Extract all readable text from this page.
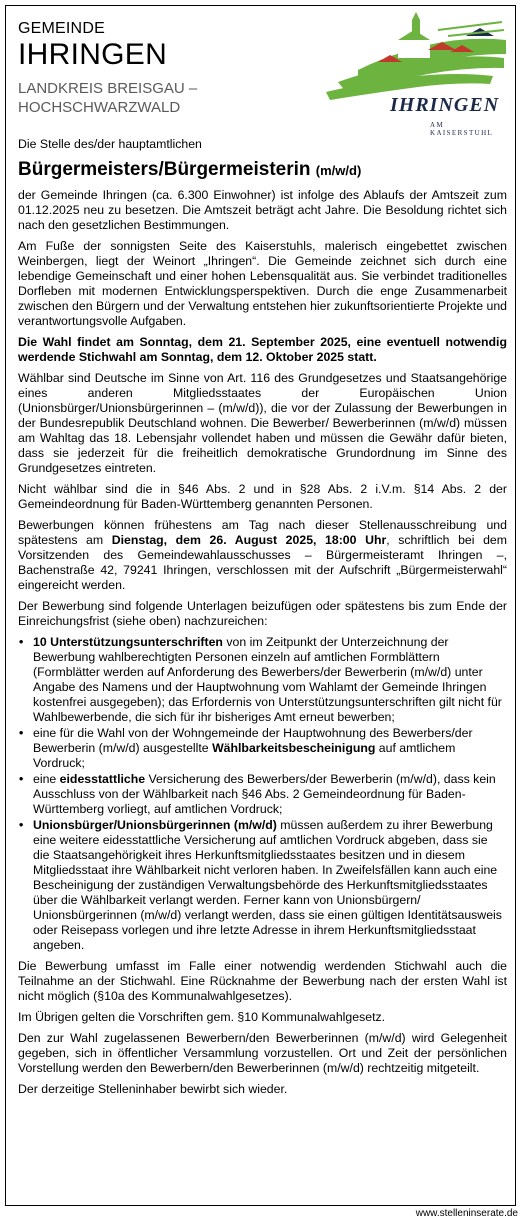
GEMEINDE
IHRINGEN
LANDKREIS BREISGAU –
HOCHSCHWARZWALD	IHRINGEN
AM KAISERSTUHL

Die Stelle des/der hauptamtlichen

Bürgermeisters/Bürgermeisterin (m/w/d)

der Gemeinde Ihringen (ca. 6.300 Einwohner) ist infolge des Ablaufs der Amtszeit zum 01.12.2025 neu zu besetzen. Die Amtszeit beträgt acht Jahre. Die Besoldung richtet sich nach den gesetzlichen Bestimmungen.

Am Fuße der sonnigsten Seite des Kaiserstuhls, malerisch eingebettet zwischen Weinbergen, liegt der Weinort „Ihringen“. Die Gemeinde zeichnet sich durch eine lebendige Gemeinschaft und einer hohen Lebensqualität aus. Sie verbindet traditionelles Dorfleben mit modernen Entwicklungsperspektiven. Durch die enge Zusammenarbeit zwischen den Bürgern und der Verwaltung entstehen hier zukunftsorientierte Projekte und verantwortungsvolle Aufgaben.

Die Wahl findet am Sonntag, dem 21. September 2025, eine eventuell notwendig werdende Stichwahl am Sonntag, dem 12. Oktober 2025 statt.

Wählbar sind Deutsche im Sinne von Art. 116 des Grundgesetzes und Staatsangehörige eines anderen Mitgliedsstaates der Europäischen Union (Unionsbürger/Unionsbürgerinnen – (m/w/d)), die vor der Zulassung der Bewerbungen in der Bundesrepublik Deutschland wohnen. Die Bewerber/ Bewerberinnen (m/w/d) müssen am Wahltag das 18. Lebensjahr vollendet haben und müssen die Gewähr dafür bieten, dass sie jederzeit für die freiheitlich demokratische Grundordnung im Sinne des Grundgesetzes eintreten.

Nicht wählbar sind die in §46 Abs. 2 und in §28 Abs. 2 i.V.m. §14 Abs. 2 der Gemeindeordnung für Baden-Württemberg genannten Personen.

Bewerbungen können frühestens am Tag nach dieser Stellenausschreibung und spätestens am Dienstag, dem 26. August 2025, 18:00 Uhr, schriftlich bei dem Vorsitzenden des Gemeindewahlausschusses – Bürgermeisteramt Ihringen –, Bachenstraße 42, 79241 Ihringen, verschlossen mit der Aufschrift „Bürgermeisterwahl“ eingereicht werden.

Der Bewerbung sind folgende Unterlagen beizufügen oder spätestens bis zum Ende der Einreichungsfrist (siehe oben) nachzureichen:

• 10 Unterstützungsunterschriften von im Zeitpunkt der Unterzeichnung der Bewerbung wahlberechtigten Personen einzeln auf amtlichen Formblättern (Formblätter werden auf Anforderung des Bewerbers/der Bewerberin (m/w/d) unter Angabe des Namens und der Hauptwohnung vom Wahlamt der Gemeinde Ihringen kostenfrei ausgegeben); das Erfordernis von Unterstützungsunterschriften gilt nicht für Wahlbewerbende, die sich für ihr bisheriges Amt erneut bewerben;
• eine für die Wahl von der Wohngemeinde der Hauptwohnung des Bewerbers/der Bewerberin (m/w/d) ausgestellte Wählbarkeitsbescheinigung auf amtlichem Vordruck;
• eine eidesstattliche Versicherung des Bewerbers/der Bewerberin (m/w/d), dass kein Ausschluss von der Wählbarkeit nach §46 Abs. 2 Gemeindeordnung für Baden-Württemberg vorliegt, auf amtlichen Vordruck;
• Unionsbürger/Unionsbürgerinnen (m/w/d) müssen außerdem zu ihrer Bewerbung eine weitere eidesstattliche Versicherung auf amtlichen Vordruck abgeben, dass sie die Staatsangehörigkeit ihres Herkunftsmitgliedsstaates besitzen und in diesem Mitgliedsstaat ihre Wählbarkeit nicht verloren haben. In Zweifelsfällen kann auch eine Bescheinigung der zuständigen Verwaltungsbehörde des Herkunftsmitgliedsstaates über die Wählbarkeit verlangt werden. Ferner kann von Unionsbürgern/ Unionsbürgerinnen (m/w/d) verlangt werden, dass sie einen gültigen Identitätsausweis oder Reisepass vorlegen und ihre letzte Adresse in ihrem Herkunftsmitgliedsstaat angeben.

Die Bewerbung umfasst im Falle einer notwendig werdenden Stichwahl auch die Teilnahme an der Stichwahl. Eine Rücknahme der Bewerbung nach der ersten Wahl ist nicht möglich (§10a des Kommunalwahlgesetzes).

Im Übrigen gelten die Vorschriften gem. §10 Kommunalwahlgesetz.

Den zur Wahl zugelassenen Bewerbern/den Bewerberinnen (m/w/d) wird Gelegenheit gegeben, sich in öffentlicher Versammlung vorzustellen. Ort und Zeit der persönlichen Vorstellung werden den Bewerbern/den Bewerberinnen (m/w/d) rechtzeitig mitgeteilt.

Der derzeitige Stelleninhaber bewirbt sich wieder.

www.stelleninserate.de
